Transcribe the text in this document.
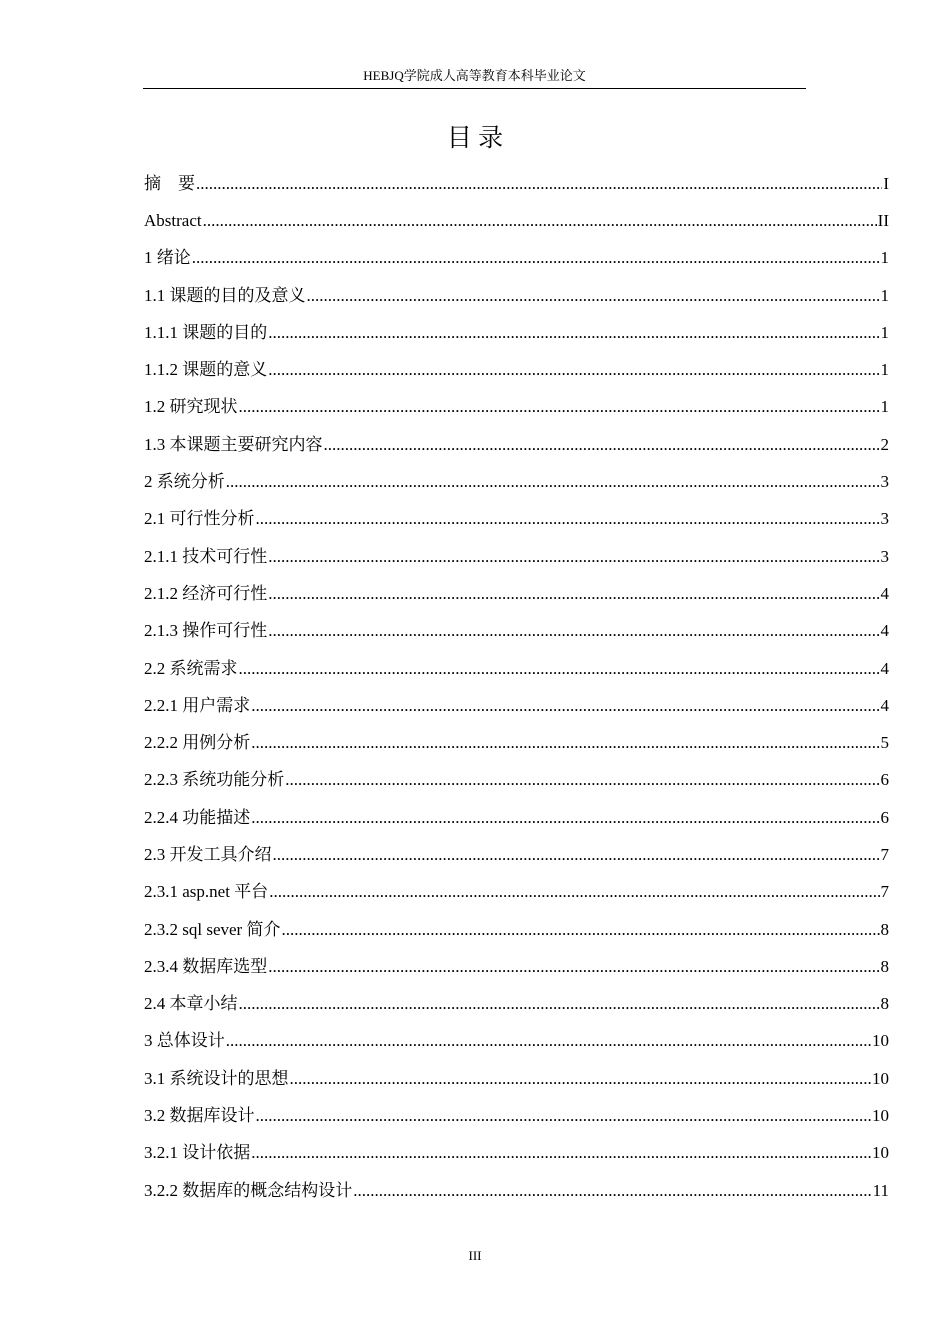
HEBJQ学院成人高等教育本科毕业论文
目 录
摘　要 .....	I
Abstract .....	II
1 绪论 .....	1
1.1 课题的目的及意义 .....	1
1.1.1 课题的目的 .....	1
1.1.2 课题的意义 .....	1
1.2 研究现状 .....	1
1.3 本课题主要研究内容 .....	2
2 系统分析 .....	3
2.1 可行性分析 .....	3
2.1.1 技术可行性 .....	3
2.1.2 经济可行性 .....	4
2.1.3 操作可行性 .....	4
2.2 系统需求 .....	4
2.2.1 用户需求 .....	4
2.2.2 用例分析 .....	5
2.2.3 系统功能分析 .....	6
2.2.4 功能描述 .....	6
2.3 开发工具介绍 .....	7
2.3.1 asp.net 平台 .....	7
2.3.2 sql sever 简介 .....	8
2.3.4 数据库选型 .....	8
2.4 本章小结 .....	8
3 总体设计 .....	10
3.1 系统设计的思想 .....	10
3.2 数据库设计 .....	10
3.2.1 设计依据 .....	10
3.2.2 数据库的概念结构设计 .....	11
III
